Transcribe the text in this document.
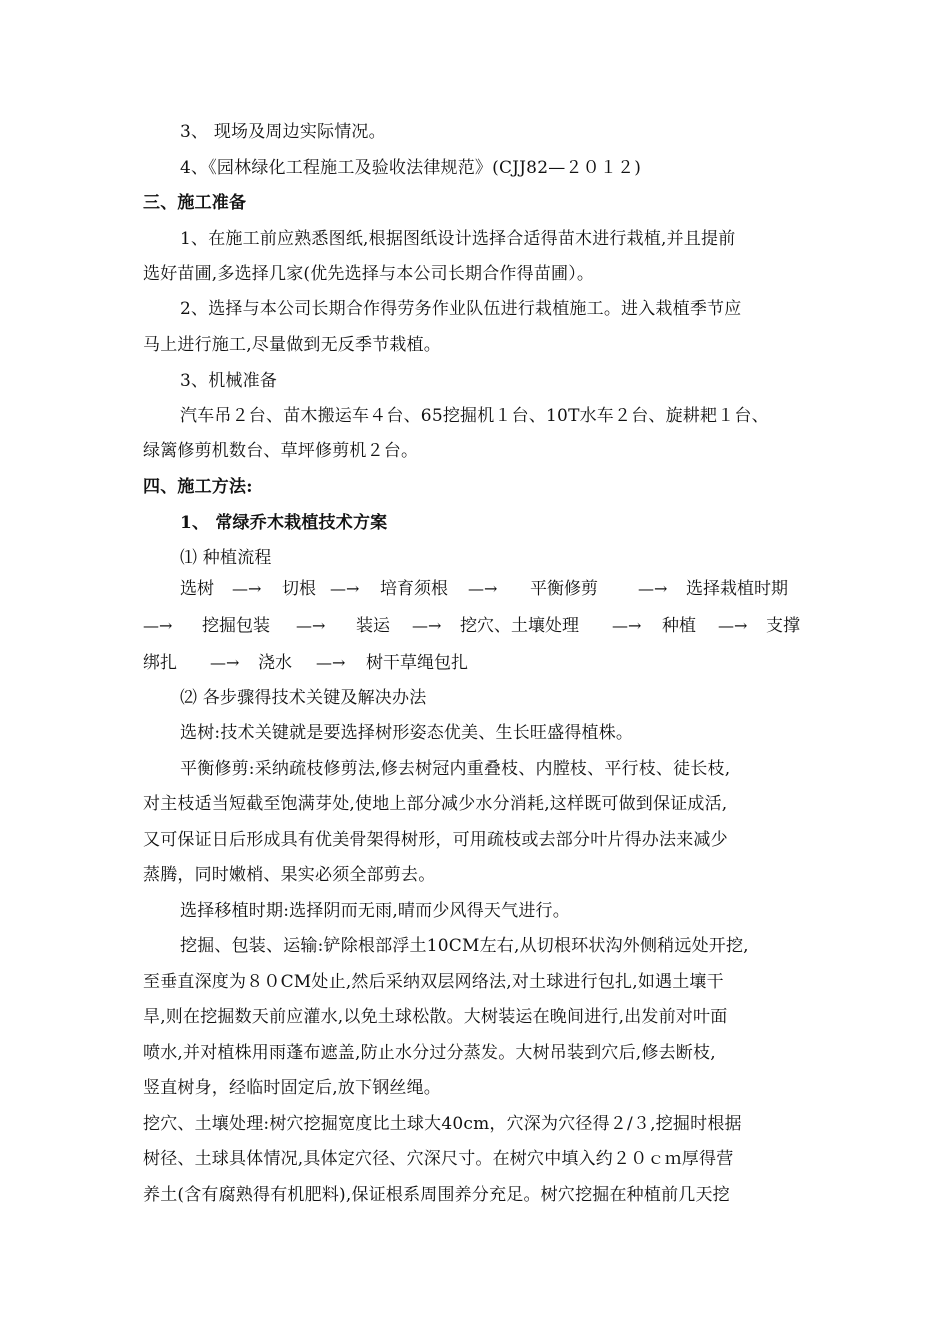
3、 现场及周边实际情况。
4、《园林绿化工程施工及验收法律规范》(CJJ82—２０１２)
三、施工准备
1、在施工前应熟悉图纸,根据图纸设计选择合适得苗木进行栽植,并且提前
选好苗圃,多选择几家(优先选择与本公司长期合作得苗圃）。
2、选择与本公司长期合作得劳务作业队伍进行栽植施工。进入栽植季节应
马上进行施工,尽量做到无反季节栽植。
3、机械准备
汽车吊２台、苗木搬运车４台、65挖掘机１台、10T水车２台、旋耕耙１台、
绿篱修剪机数台、草坪修剪机２台。
四、施工方法:
1、 常绿乔木栽植技术方案
⑴ 种植流程
选树 —→ 切根 —→ 培育须根 —→ 平衡修剪	—→ 选择栽植时期
—→ 挖掘包装 —→ 装运 —→ 挖穴、土壤处理 —→ 种植 —→ 支撑
绑扎 —→ 浇水 —→ 树干草绳包扎
⑵ 各步骤得技术关键及解决办法
选树:技术关键就是要选择树形姿态优美、生长旺盛得植株。
平衡修剪:采纳疏枝修剪法,修去树冠内重叠枝、内膛枝、平行枝、徒长枝,
对主枝适当短截至饱满芽处,使地上部分减少水分消耗,这样既可做到保证成活,
又可保证日后形成具有优美骨架得树形，可用疏枝或去部分叶片得办法来减少
蒸腾，同时嫩梢、果实必须全部剪去。
选择移植时期:选择阴而无雨,晴而少风得天气进行。
挖掘、包装、运输:铲除根部浮土10CM左右,从切根环状沟外侧稍远处开挖,
至垂直深度为８０CM处止,然后采纳双层网络法,对土球进行包扎,如遇土壤干
旱,则在挖掘数天前应灌水,以免土球松散。大树装运在晚间进行,出发前对叶面
喷水,并对植株用雨蓬布遮盖,防止水分过分蒸发。大树吊装到穴后,修去断枝,
竖直树身，经临时固定后,放下钢丝绳。
挖穴、土壤处理:树穴挖掘宽度比土球大40cm，穴深为穴径得２/３,挖掘时根据
树径、土球具体情况,具体定穴径、穴深尺寸。在树穴中填入约２０ｃｍ厚得营
养土(含有腐熟得有机肥料),保证根系周围养分充足。树穴挖掘在种植前几天挖
